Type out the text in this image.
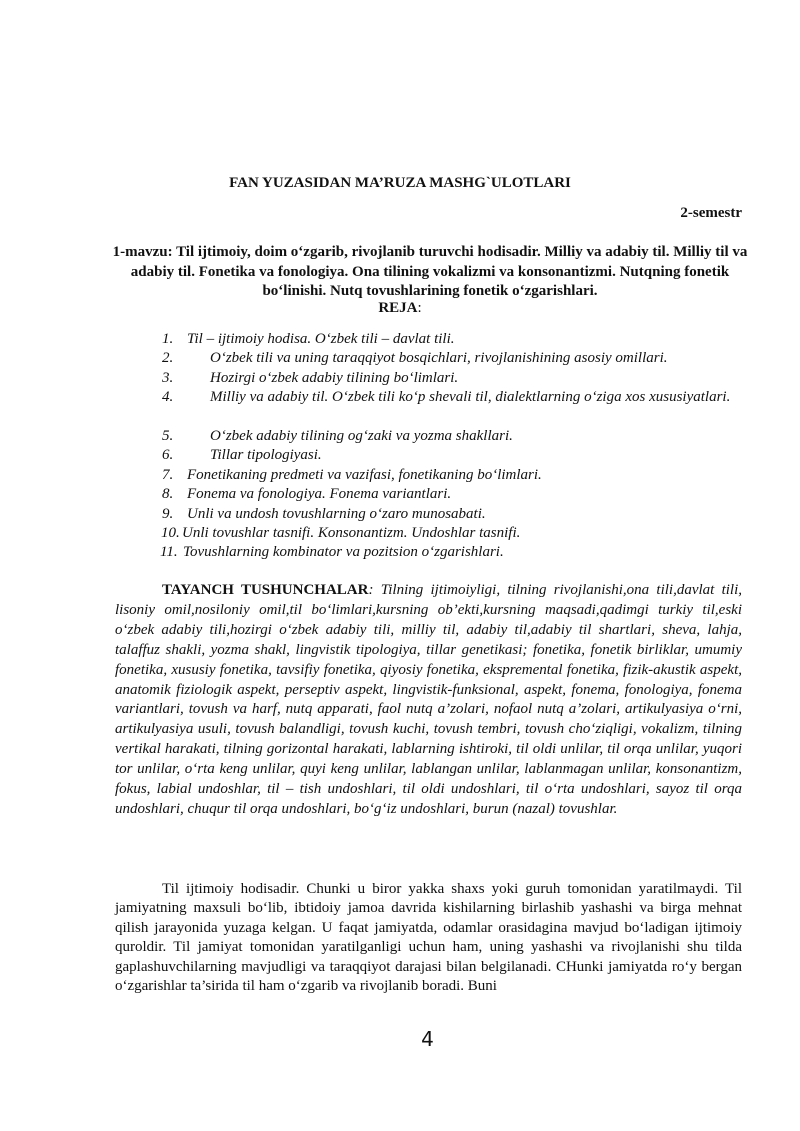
FAN YUZASIDAN MA’RUZA MASHG`ULOTLARI
2-semestr
1-mavzu: Til ijtimoiy, doim o‘zgarib, rivojlanib turuvchi hodisadir. Milliy va adabiy til. Milliy til va adabiy til. Fonetika va fonologiya. Ona tilining vokalizmi va konsonantizmi. Nutqning fonetik bo‘linishi. Nutq tovushlarining fonetik o‘zgarishlari.
REJA:
1. Til – ijtimoiy hodisa. O‘zbek tili – davlat tili.
2. O‘zbek tili va uning taraqqiyot bosqichlari, rivojlanishining asosiy omillari.
3. Hozirgi o‘zbek adabiy tilining bo‘limlari.
4.	Milliy va adabiy til. O‘zbek tili ko‘p shevali til, dialektlarning o‘ziga xos xususiyatlari.
5. O‘zbek adabiy tilining og‘zaki va yozma shakllari.
6. Tillar tipologiyasi.
7. Fonetikaning predmeti va vazifasi, fonetikaning bo‘limlari.
8. Fonema va fonologiya. Fonema variantlari.
9. Unli va undosh tovushlarning o‘zaro munosabati.
10. Unli tovushlar tasnifi. Konsonantizm. Undoshlar tasnifi.
11. Tovushlarning kombinator va pozitsion o‘zgarishlari.
TAYANCH TUSHUNCHALAR: Tilning ijtimoiyligi, tilning rivojlanishi,ona tili,davlat tili, lisoniy omil,nosiloniy omil,til bo‘limlari,kursning ob’ekti,kursning maqsadi,qadimgi turkiy til,eski o‘zbek adabiy tili,hozirgi o‘zbek adabiy tili, milliy til, adabiy til,adabiy til shartlari, sheva, lahja, talaffuz shakli, yozma shakl, lingvistik tipologiya, tillar genetikasi; fonetika, fonetik birliklar, umumiy fonetika, xususiy fonetika, tavsifiy fonetika, qiyosiy fonetika, ekspremental fonetika, fizik-akustik aspekt, anatomik fiziologik aspekt, perseptiv aspekt, lingvistik-funksional, aspekt, fonema, fonologiya, fonema variantlari, tovush va harf, nutq apparati, faol nutq a’zolari, nofaol nutq a’zolari, artikulyasiya o‘rni, artikulyasiya usuli, tovush balandligi, tovush kuchi, tovush tembri, tovush cho‘ziqligi, vokalizm, tilning vertikal harakati, tilning gorizontal harakati, lablarning ishtiroki, til oldi unlilar, til orqa unlilar, yuqori tor unlilar, o‘rta keng unlilar, quyi keng unlilar, lablangan unlilar, lablanmagan unlilar, konsonantizm, fokus, labial undoshlar, til – tish undoshlari, til oldi undoshlari, til o‘rta undoshlari, sayoz til orqa undoshlari, chuqur til orqa undoshlari, bo‘g‘iz undoshlari, burun (nazal) tovushlar.
Til ijtimoiy hodisadir. Chunki u biror yakka shaxs yoki guruh tomonidan yaratilmaydi. Til jamiyatning maxsuli bo‘lib, ibtidoiy jamoa davrida kishilarning birlashib yashashi va birga mehnat qilish jarayonida yuzaga kelgan. U faqat jamiyatda, odamlar orasidagina mavjud bo‘ladigan ijtimoiy quroldir. Til jamiyat tomonidan yaratilganligi uchun ham, uning yashashi va rivojlanishi shu tilda gaplashuvchilarning mavjudligi va taraqqiyot darajasi bilan belgilanadi. CHunki jamiyatda ro‘y bergan o‘zgarishlar ta’sirida til ham o‘zgarib va rivojlanib boradi. Buni
4
